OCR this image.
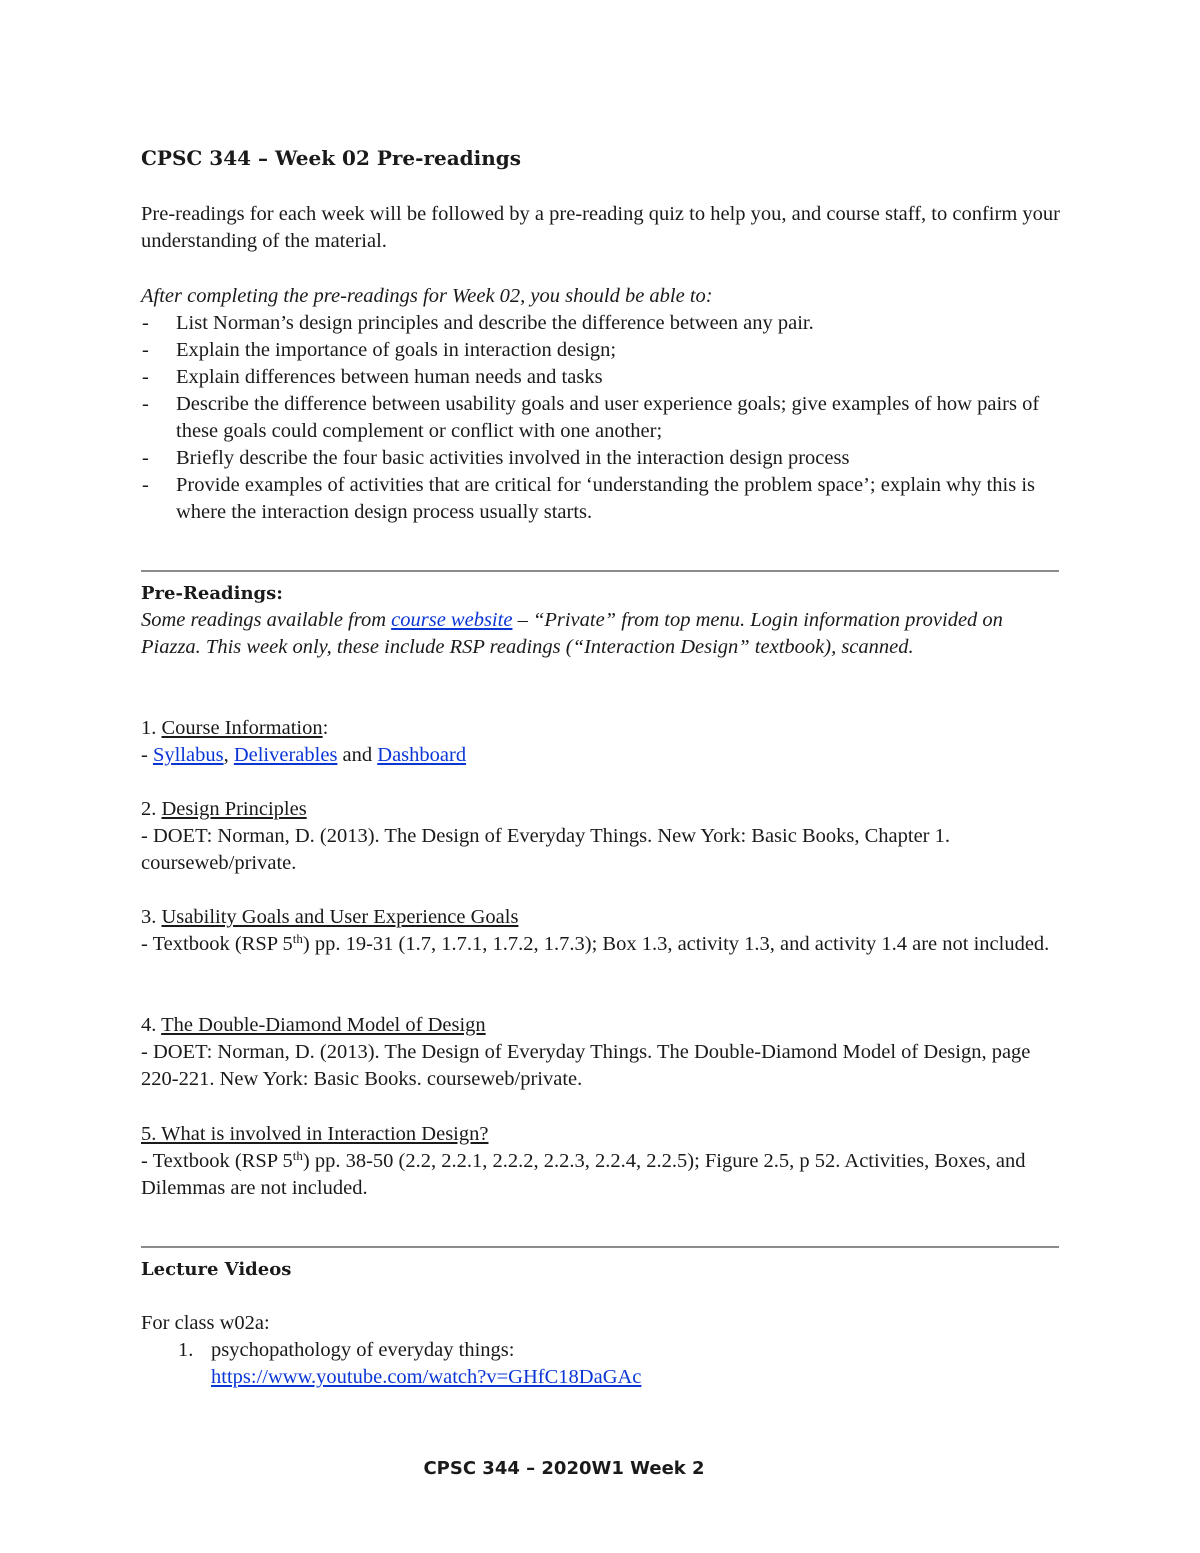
CPSC 344 – Week 02 Pre-readings
Pre-readings for each week will be followed by a pre-reading quiz to help you, and course staff, to confirm your understanding of the material.
After completing the pre-readings for Week 02, you should be able to:
- List Norman’s design principles and describe the difference between any pair.
- Explain the importance of goals in interaction design;
- Explain differences between human needs and tasks
- Describe the difference between usability goals and user experience goals; give examples of how pairs of these goals could complement or conflict with one another;
- Briefly describe the four basic activities involved in the interaction design process
- Provide examples of activities that are critical for ‘understanding the problem space’; explain why this is where the interaction design process usually starts.
Pre-Readings:
Some readings available from course website – “Private” from top menu. Login information provided on Piazza. This week only, these include RSP readings (“Interaction Design” textbook), scanned.
1. Course Information:
- Syllabus, Deliverables and Dashboard
2. Design Principles
- DOET: Norman, D. (2013). The Design of Everyday Things. New York: Basic Books, Chapter 1. courseweb/private.
3. Usability Goals and User Experience Goals
- Textbook (RSP 5th) pp. 19-31 (1.7, 1.7.1, 1.7.2, 1.7.3); Box 1.3, activity 1.3, and activity 1.4 are not included.
4. The Double-Diamond Model of Design
- DOET: Norman, D. (2013). The Design of Everyday Things. The Double-Diamond Model of Design, page 220-221. New York: Basic Books. courseweb/private.
5. What is involved in Interaction Design?
- Textbook (RSP 5th) pp. 38-50 (2.2, 2.2.1, 2.2.2, 2.2.3, 2.2.4, 2.2.5); Figure 2.5, p 52. Activities, Boxes, and Dilemmas are not included.
Lecture Videos
For class w02a:
1. psychopathology of everyday things:
https://www.youtube.com/watch?v=GHfC18DaGAc
CPSC 344 – 2020W1 Week 2
